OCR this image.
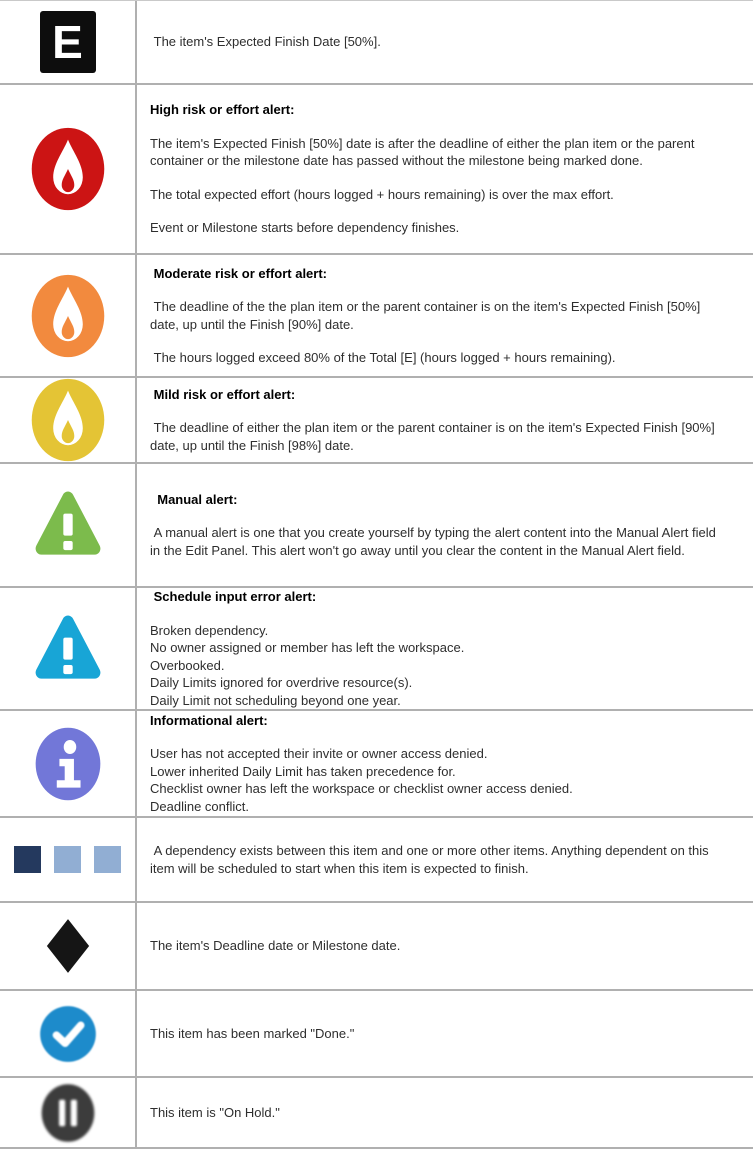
E	The item's Expected Finish Date [50%].

High risk or effort alert:

The item's Expected Finish [50%] date is after the deadline of either the plan item or the parent container or the milestone date has passed without the milestone being marked done.

The total expected effort (hours logged + hours remaining) is over the max effort.

Event or Milestone starts before dependency finishes.

Moderate risk or effort alert:

The deadline of the the plan item or the parent container is on the item's Expected Finish [50%] date, up until the Finish [90%] date.

The hours logged exceed 80% of the Total [E] (hours logged + hours remaining).

Mild risk or effort alert:

The deadline of either the plan item or the parent container is on the item's Expected Finish [90%] date, up until the Finish [98%] date.

Manual alert:

A manual alert is one that you create yourself by typing the alert content into the Manual Alert field in the Edit Panel. This alert won't go away until you clear the content in the Manual Alert field.

Schedule input error alert:

Broken dependency.
No owner assigned or member has left the workspace.
Overbooked.
Daily Limits ignored for overdrive resource(s).
Daily Limit not scheduling beyond one year.

Informational alert:

User has not accepted their invite or owner access denied.
Lower inherited Daily Limit has taken precedence for.
Checklist owner has left the workspace or checklist owner access denied.
Deadline conflict.

A dependency exists between this item and one or more other items. Anything dependent on this item will be scheduled to start when this item is expected to finish.

The item's Deadline date or Milestone date.

This item has been marked "Done."

This item is "On Hold."
